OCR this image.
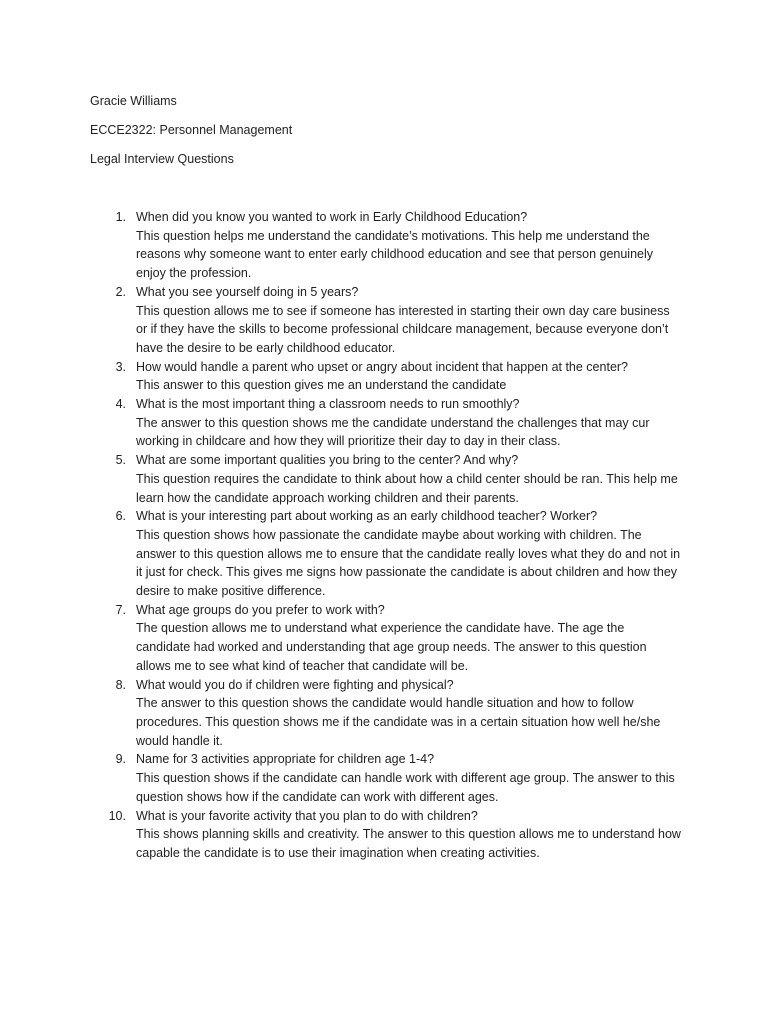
Gracie Williams
ECCE2322: Personnel Management
Legal Interview Questions
1. When did you know you wanted to work in Early Childhood Education?
This question helps me understand the candidate’s motivations. This help me understand the reasons why someone want to enter early childhood education and see that person genuinely enjoy the profession.
2. What you see yourself doing in 5 years?
This question allows me to see if someone has interested in starting their own day care business or if they have the skills to become professional childcare management, because everyone don’t have the desire to be early childhood educator.
3. How would handle a parent who upset or angry about incident that happen at the center?
This answer to this question gives me an understand the candidate
4. What is the most important thing a classroom needs to run smoothly?
The answer to this question shows me the candidate understand the challenges that may cur working in childcare and how they will prioritize their day to day in their class.
5. What are some important qualities you bring to the center? And why?
This question requires the candidate to think about how a child center should be ran. This help me learn how the candidate approach working children and their parents.
6. What is your interesting part about working as an early childhood teacher? Worker?
This question shows how passionate the candidate maybe about working with children. The answer to this question allows me to ensure that the candidate really loves what they do and not in it just for check. This gives me signs how passionate the candidate is about children and how they desire to make positive difference.
7. What age groups do you prefer to work with?
The question allows me to understand what experience the candidate have. The age the candidate had worked and understanding that age group needs. The answer to this question allows me to see what kind of teacher that candidate will be.
8. What would you do if children were fighting and physical?
The answer to this question shows the candidate would handle situation and how to follow procedures. This question shows me if the candidate was in a certain situation how well he/she would handle it.
9. Name for 3 activities appropriate for children age 1-4?
This question shows if the candidate can handle work with different age group. The answer to this question shows how if the candidate can work with different ages.
10. What is your favorite activity that you plan to do with children?
This shows planning skills and creativity. The answer to this question allows me to understand how capable the candidate is to use their imagination when creating activities.
